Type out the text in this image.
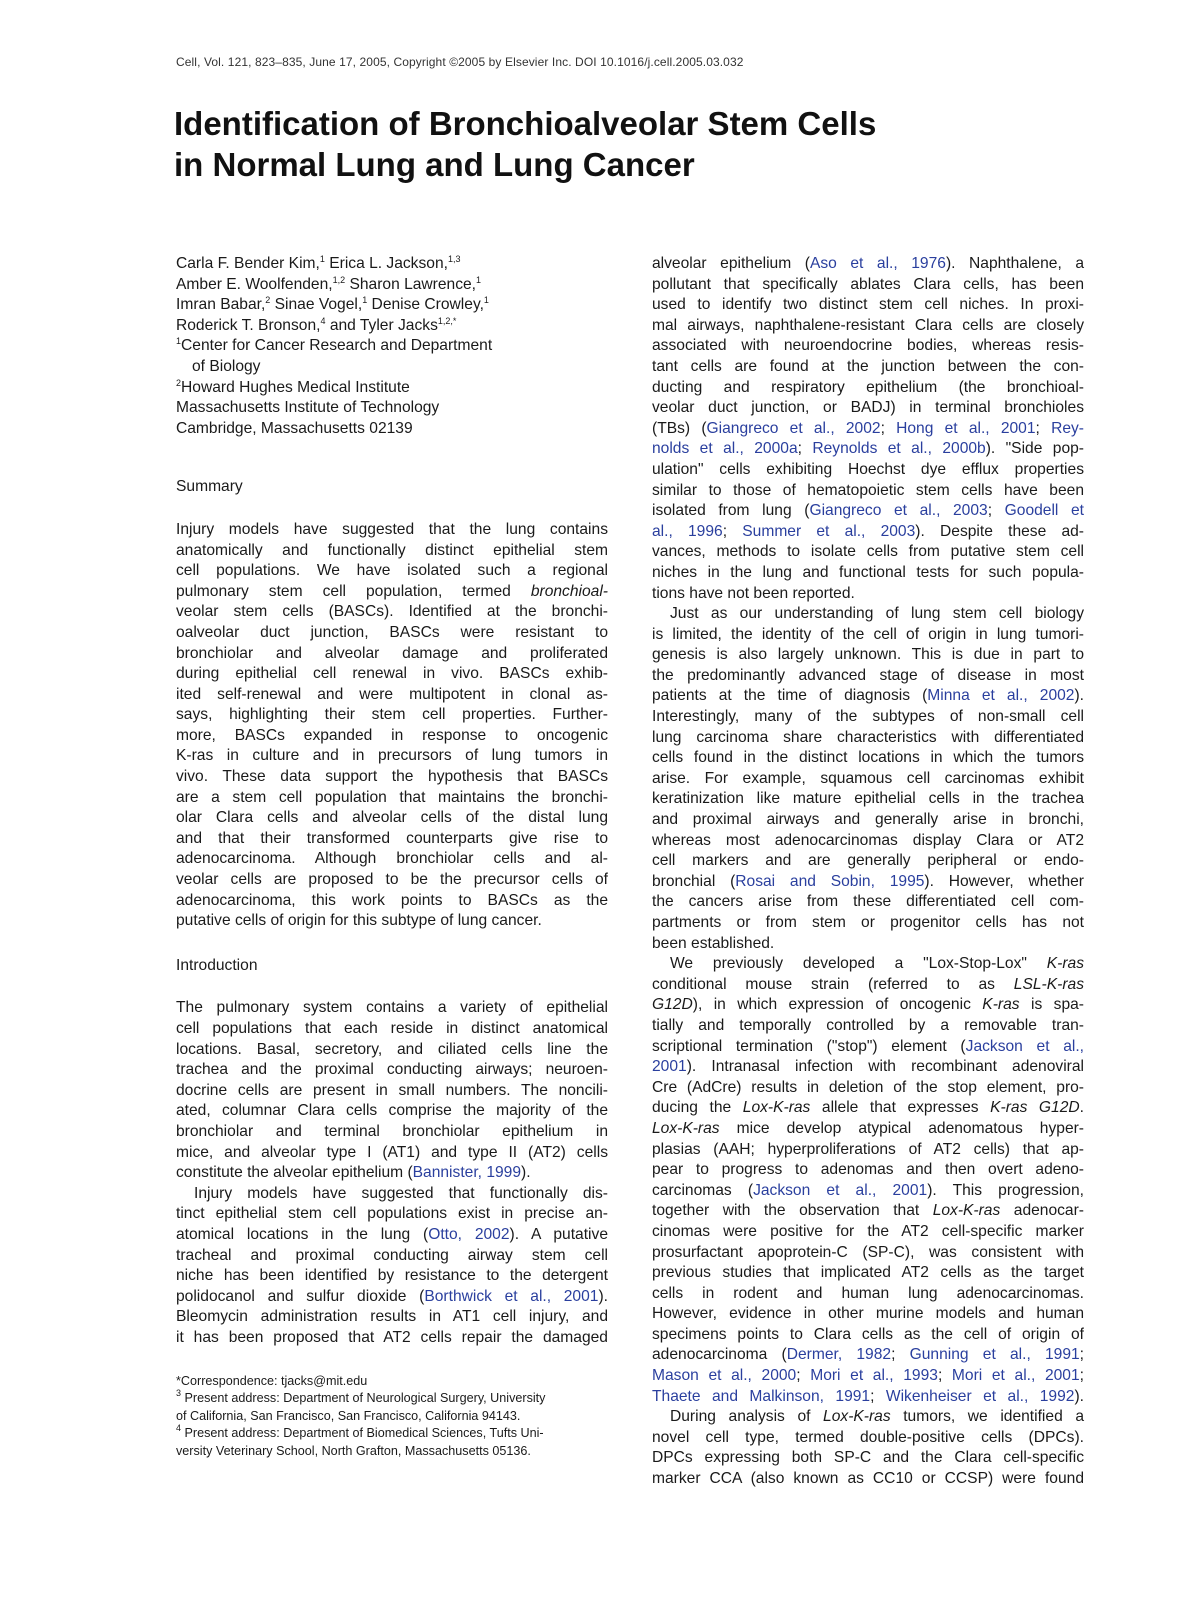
Cell, Vol. 121, 823–835, June 17, 2005, Copyright ©2005 by Elsevier Inc. DOI 10.1016/j.cell.2005.03.032
Identification of Bronchioalveolar Stem Cells
in Normal Lung and Lung Cancer
Carla F. Bender Kim,$^1$ Erica L. Jackson,$^{1,3}$
Amber E. Woolfenden,$^{1,2}$ Sharon Lawrence,$^1$
Imran Babar,$^2$ Sinae Vogel,$^1$ Denise Crowley,$^1$
Roderick T. Bronson,$^4$ and Tyler Jacks$^{1,2,*}$
$^1$Center for Cancer Research and Department
of Biology
$^2$Howard Hughes Medical Institute
Massachusetts Institute of Technology
Cambridge, Massachusetts 02139
Summary
Injury models have suggested that the lung contains
anatomically and functionally distinct epithelial stem
cell populations. We have isolated such a regional
pulmonary stem cell population, termed bronchioal-
veolar stem cells (BASCs). Identified at the bronchi-
oalveolar duct junction, BASCs were resistant to
bronchiolar and alveolar damage and proliferated
during epithelial cell renewal in vivo. BASCs exhib-
ited self-renewal and were multipotent in clonal as-
says, highlighting their stem cell properties. Further-
more, BASCs expanded in response to oncogenic
K-ras in culture and in precursors of lung tumors in
vivo. These data support the hypothesis that BASCs
are a stem cell population that maintains the bronchi-
olar Clara cells and alveolar cells of the distal lung
and that their transformed counterparts give rise to
adenocarcinoma. Although bronchiolar cells and al-
veolar cells are proposed to be the precursor cells of
adenocarcinoma, this work points to BASCs as the
putative cells of origin for this subtype of lung cancer.
Introduction
The pulmonary system contains a variety of epithelial
cell populations that each reside in distinct anatomical
locations. Basal, secretory, and ciliated cells line the
trachea and the proximal conducting airways; neuroen-
docrine cells are present in small numbers. The noncili-
ated, columnar Clara cells comprise the majority of the
bronchiolar and terminal bronchiolar epithelium in
mice, and alveolar type I (AT1) and type II (AT2) cells
constitute the alveolar epithelium (Bannister, 1999).
Injury models have suggested that functionally dis-
tinct epithelial stem cell populations exist in precise an-
atomical locations in the lung (Otto, 2002). A putative
tracheal and proximal conducting airway stem cell
niche has been identified by resistance to the detergent
polidocanol and sulfur dioxide (Borthwick et al., 2001).
Bleomycin administration results in AT1 cell injury, and
it has been proposed that AT2 cells repair the damaged
*Correspondence: tjacks@mit.edu
$^3$ Present address: Department of Neurological Surgery, University
of California, San Francisco, San Francisco, California 94143.
$^4$ Present address: Department of Biomedical Sciences, Tufts Uni-
versity Veterinary School, North Grafton, Massachusetts 05136.
alveolar epithelium (Aso et al., 1976). Naphthalene, a
pollutant that specifically ablates Clara cells, has been
used to identify two distinct stem cell niches. In proxi-
mal airways, naphthalene-resistant Clara cells are closely
associated with neuroendocrine bodies, whereas resis-
tant cells are found at the junction between the con-
ducting and respiratory epithelium (the bronchioal-
veolar duct junction, or BADJ) in terminal bronchioles
(TBs) (Giangreco et al., 2002; Hong et al., 2001; Rey-
nolds et al., 2000a; Reynolds et al., 2000b). "Side pop-
ulation" cells exhibiting Hoechst dye efflux properties
similar to those of hematopoietic stem cells have been
isolated from lung (Giangreco et al., 2003; Goodell et
al., 1996; Summer et al., 2003). Despite these ad-
vances, methods to isolate cells from putative stem cell
niches in the lung and functional tests for such popula-
tions have not been reported.
Just as our understanding of lung stem cell biology
is limited, the identity of the cell of origin in lung tumori-
genesis is also largely unknown. This is due in part to
the predominantly advanced stage of disease in most
patients at the time of diagnosis (Minna et al., 2002).
Interestingly, many of the subtypes of non-small cell
lung carcinoma share characteristics with differentiated
cells found in the distinct locations in which the tumors
arise. For example, squamous cell carcinomas exhibit
keratinization like mature epithelial cells in the trachea
and proximal airways and generally arise in bronchi,
whereas most adenocarcinomas display Clara or AT2
cell markers and are generally peripheral or endo-
bronchial (Rosai and Sobin, 1995). However, whether
the cancers arise from these differentiated cell com-
partments or from stem or progenitor cells has not
been established.
We previously developed a "Lox-Stop-Lox" K-ras
conditional mouse strain (referred to as LSL-K-ras
G12D), in which expression of oncogenic K-ras is spa-
tially and temporally controlled by a removable tran-
scriptional termination ("stop") element (Jackson et al.,
2001). Intranasal infection with recombinant adenoviral
Cre (AdCre) results in deletion of the stop element, pro-
ducing the Lox-K-ras allele that expresses K-ras G12D.
Lox-K-ras mice develop atypical adenomatous hyper-
plasias (AAH; hyperproliferations of AT2 cells) that ap-
pear to progress to adenomas and then overt adeno-
carcinomas (Jackson et al., 2001). This progression,
together with the observation that Lox-K-ras adenocar-
cinomas were positive for the AT2 cell-specific marker
prosurfactant apoprotein-C (SP-C), was consistent with
previous studies that implicated AT2 cells as the target
cells in rodent and human lung adenocarcinomas.
However, evidence in other murine models and human
specimens points to Clara cells as the cell of origin of
adenocarcinoma (Dermer, 1982; Gunning et al., 1991;
Mason et al., 2000; Mori et al., 1993; Mori et al., 2001;
Thaete and Malkinson, 1991; Wikenheiser et al., 1992).
During analysis of Lox-K-ras tumors, we identified a
novel cell type, termed double-positive cells (DPCs).
DPCs expressing both SP-C and the Clara cell-specific
marker CCA (also known as CC10 or CCSP) were found
